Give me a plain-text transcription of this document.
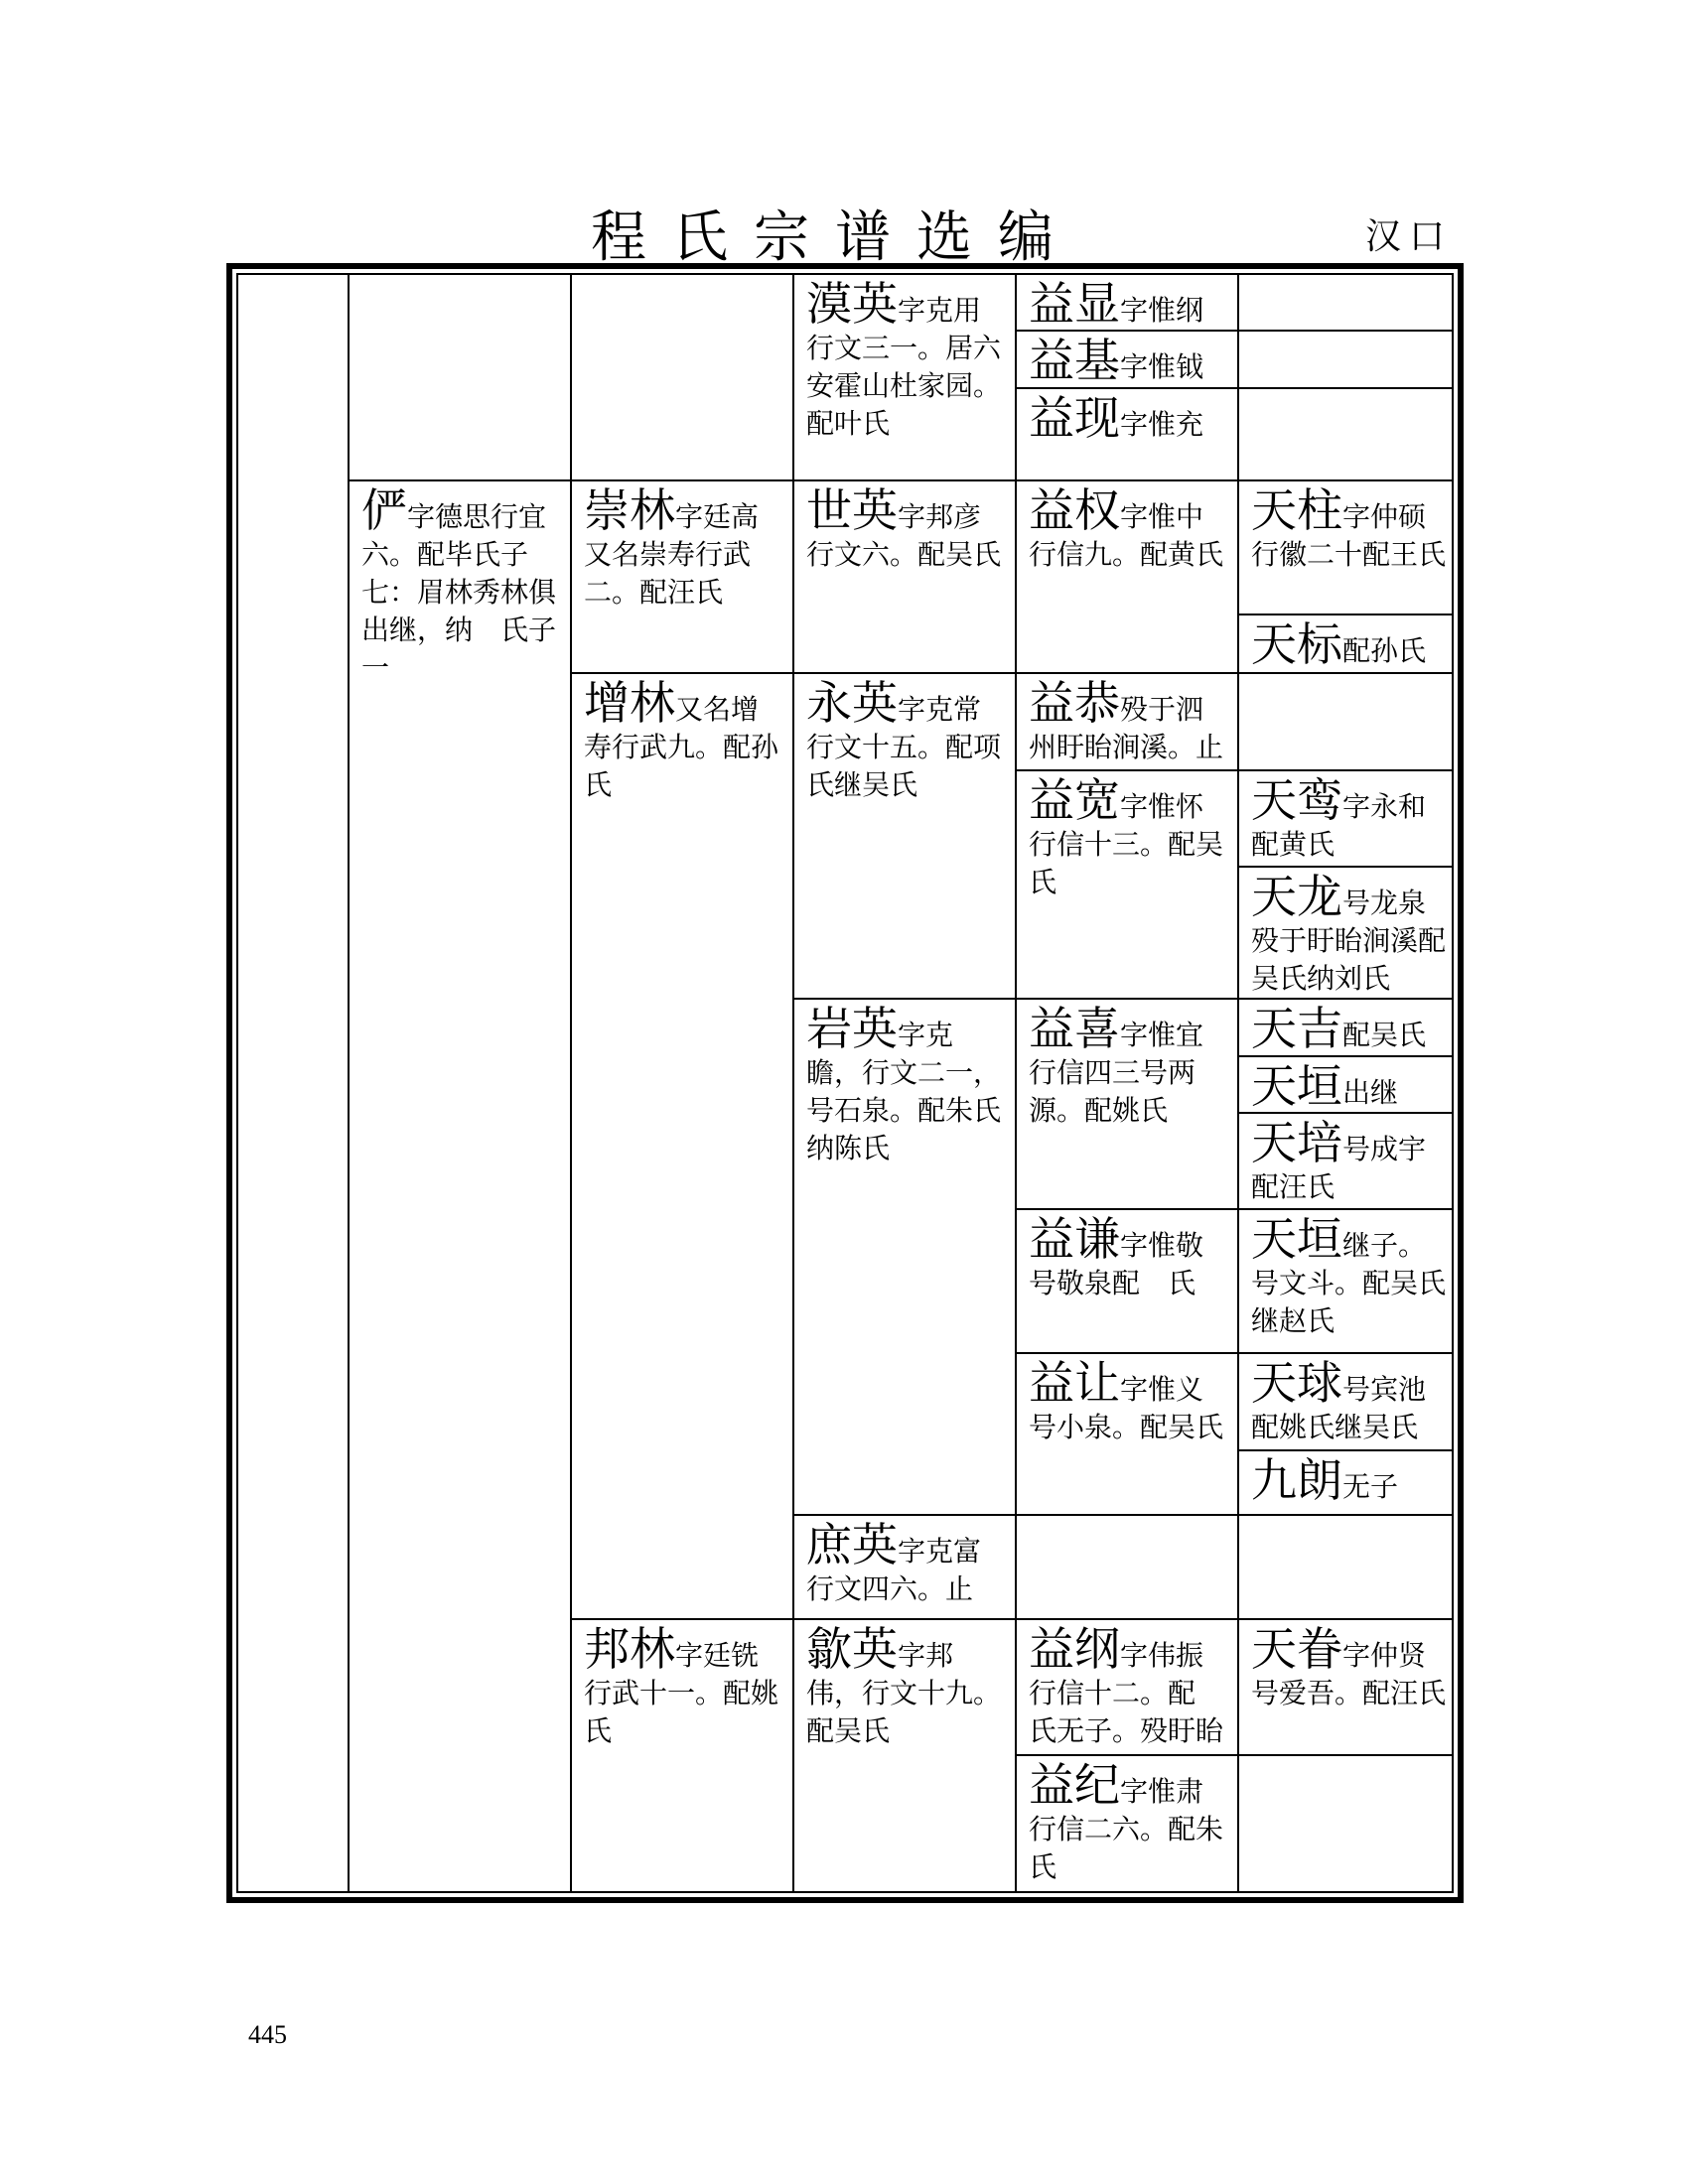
程氏宗谱选编	汉口
漠英字克用行文三一。居六安霍山杜家园。配叶氏
益显字惟纲
益基字惟钺
益现字惟充
俨字德思行宜六。配毕氏子七：眉林秀林俱出继，纳　氏子一
崇林字廷高又名崇寿行武二。配汪氏
世英字邦彦行文六。配吴氏
益权字惟中行信九。配黄氏
天柱字仲硕行徽二十配王氏
天标配孙氏
增林又名增寿行武九。配孙氏
永英字克常行文十五。配项氏继吴氏
益恭殁于泗州盱眙涧溪。止
益宽字惟怀行信十三。配吴氏
天鸾字永和配黄氏
天龙号龙泉殁于盱眙涧溪配吴氏纳刘氏
岩英字克瞻，行文二一，号石泉。配朱氏纳陈氏
益喜字惟宜行信四三号两源。配姚氏
天吉配吴氏
天垣出继
天培号成宇配汪氏
益谦字惟敬号敬泉配　氏
天垣继子。号文斗。配吴氏继赵氏
益让字惟义号小泉。配吴氏
天球号宾池配姚氏继吴氏
九朗无子
庶英字克富行文四六。止
邦林字廷铣行武十一。配姚氏
歙英字邦伟，行文十九。配吴氏
益纲字伟振行信十二。配　氏无子。殁盱眙
天眷字仲贤号爱吾。配汪氏
益纪字惟肃行信二六。配朱氏
445
